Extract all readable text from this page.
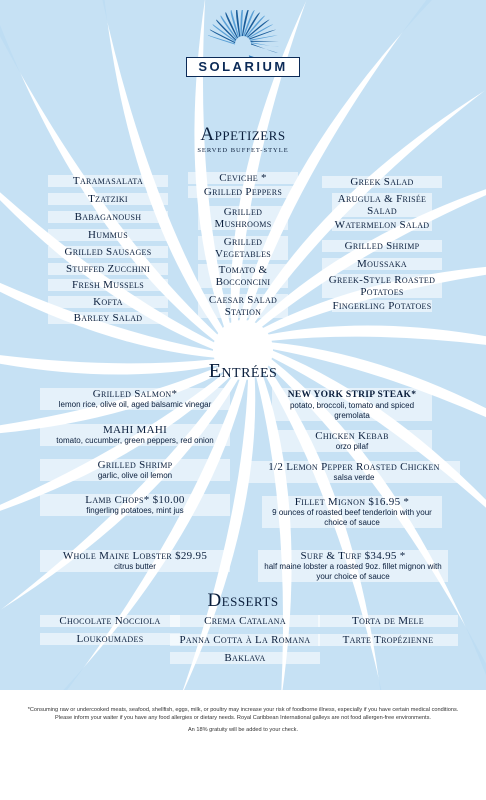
SOLARIUM
Appetizers
SERVED BUFFET-STYLE
Taramasalata
Tzatziki
Babaganoush
Hummus
Grilled Sausages
Stuffed Zucchini
Fresh Mussels
Kofta
Barley Salad
Ceviche *
Grilled Peppers
Grilled Mushrooms
Grilled Vegetables
Tomato & Bocconcini
Caesar Salad Station
Greek Salad
Arugula & Frisée Salad
Watermelon Salad
Grilled Shrimp
Moussaka
Greek-Style Roasted Potatoes
Fingerling Potatoes
Entrées
Grilled Salmon*
lemon rice, olive oil, aged balsamic vinegar
MAHI MAHI
tomato, cucumber, green peppers, red onion
Grilled Shrimp
garlic, olive oil lemon
Lamb Chops* $10.00
fingerling potatoes, mint jus
Whole Maine Lobster $29.95
citrus butter
NEW YORK STRIP STEAK*
potato, broccoli, tomato and spiced gremolata
Chicken Kebab
orzo pilaf
1/2 Lemon Pepper Roasted Chicken
salsa verde
Fillet Mignon $16.95 *
9 ounces of roasted beef tenderloin with your choice of sauce
Surf & Turf $34.95 *
half maine lobster a roasted 9oz. fillet mignon with your choice of sauce
Desserts
Chocolate Nocciola
Loukoumades
Crema Catalana
Panna Cotta à La Romana
Baklava
Torta de Mele
Tarte Tropézienne
*Consuming raw or undercooked meats, seafood, shellfish, eggs, milk, or poultry may increase your risk of foodborne illness, especially if you have certain medical conditions.
Please inform your waiter if you have any food allergies or dietary needs. Royal Caribbean International galleys are not food allergen-free environments.
An 18% gratuity will be added to your check.
